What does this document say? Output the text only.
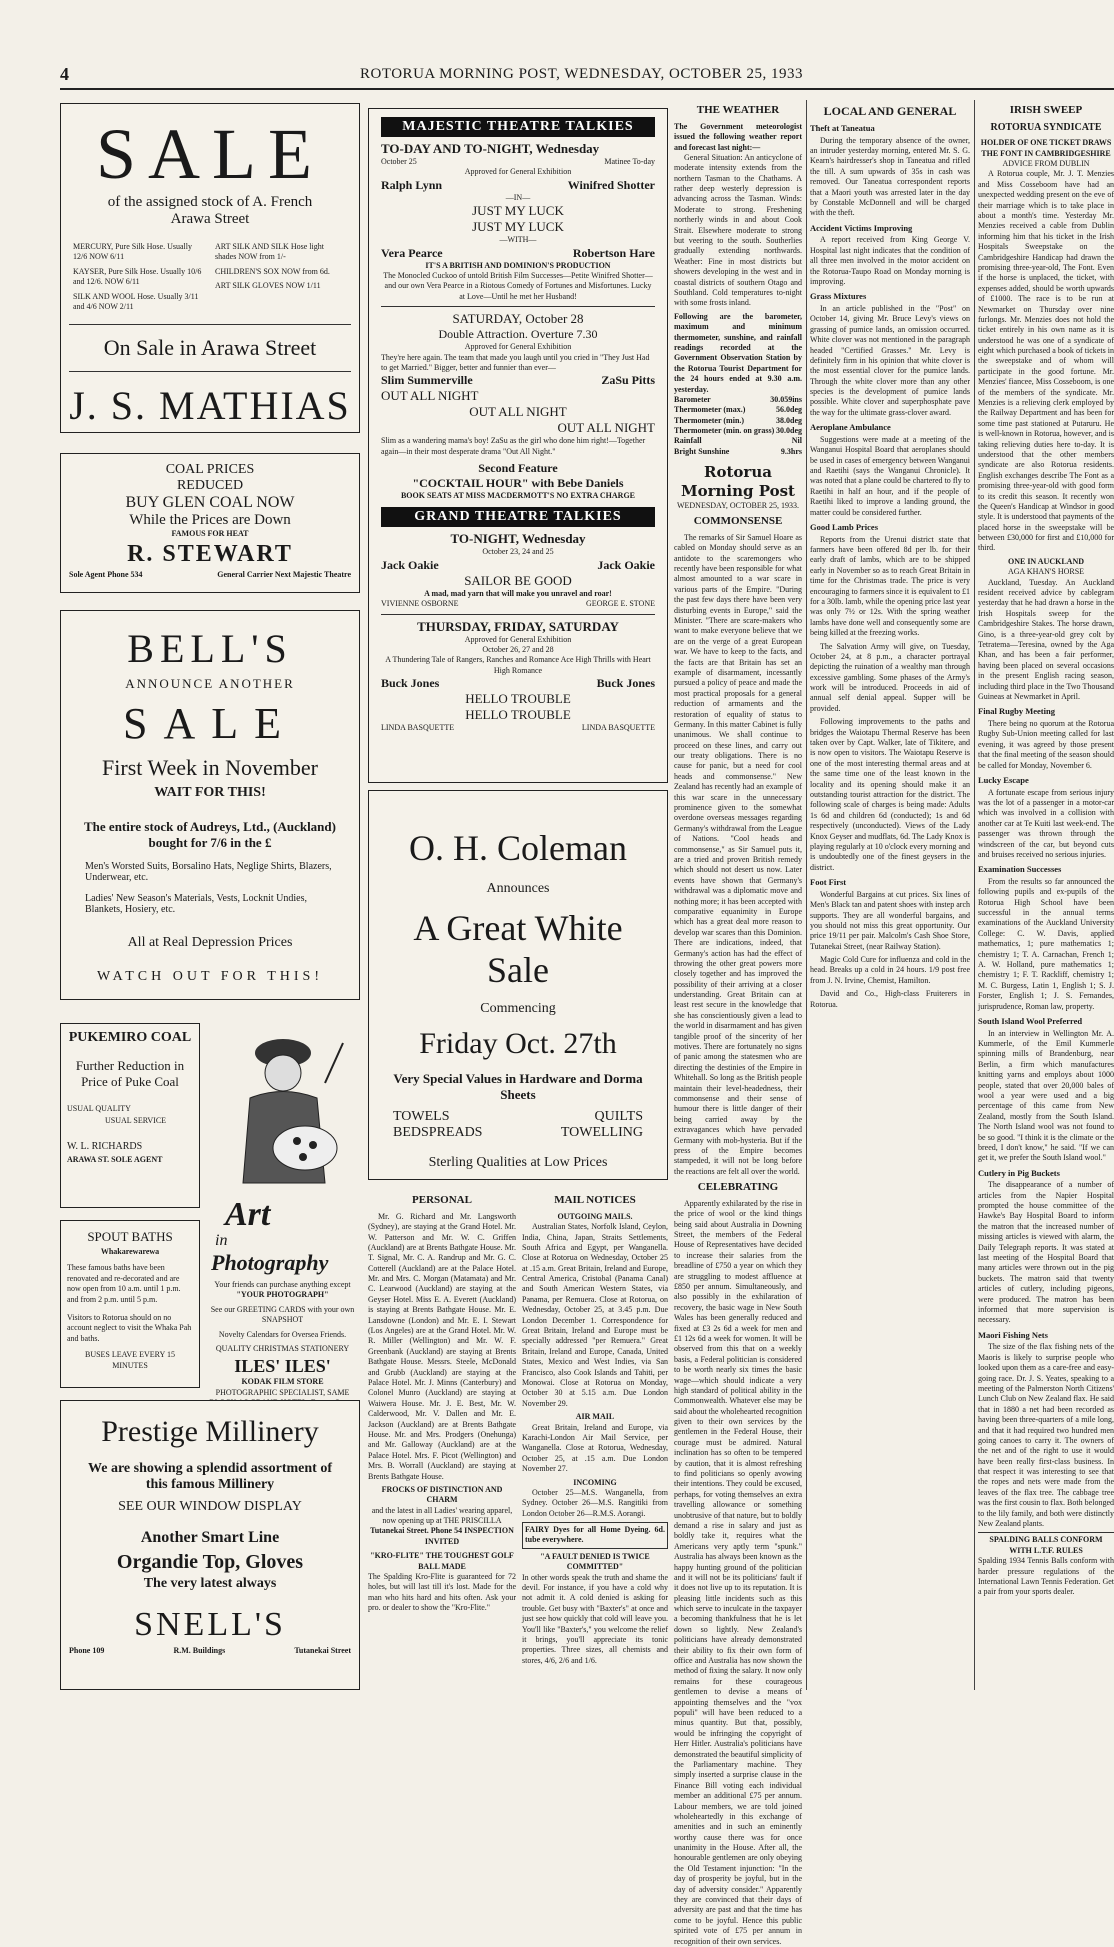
4	ROTORUA MORNING POST, WEDNESDAY, OCTOBER 25, 1933
SALE
of the assigned stock of A. French
Arawa Street
MERCURY, Pure Silk Hose. Usually 12/6 NOW 6/11
KAYSER, Pure Silk Hose. Usually 10/6 and 12/6. NOW 6/11
SILK AND WOOL Hose. Usually 3/11 and 4/6 NOW 2/11
ART SILK AND SILK Hose light shades NOW from 1/-
CHILDREN'S SOX NOW from 6d.
ART SILK GLOVES NOW 1/11
On Sale in Arawa Street
J. S. MATHIAS
COAL PRICES
REDUCED
BUY GLEN COAL NOW
While the Prices are Down
FAMOUS FOR HEAT
R. STEWART
Sole Agent Phone 534	General Carrier Next Majestic Theatre
BELL'S
ANNOUNCE ANOTHER
SALE
First Week in November
WAIT FOR THIS!
The entire stock of Audreys, Ltd., (Auckland) bought for 7/6 in the £
Men's Worsted Suits, Borsalino Hats, Neglige Shirts, Blazers, Underwear, etc.
Ladies' New Season's Materials, Vests, Locknit Undies, Blankets, Hosiery, etc.
All at Real Depression Prices
WATCH OUT FOR THIS!
PUKEMIRO COAL
Further Reduction in Price of Puke Coal
USUAL QUALITY
USUAL SERVICE
W. L. RICHARDS
ARAWA ST. SOLE AGENT
SPOUT BATHS
Whakarewarewa
These famous baths have been renovated and re-decorated and are now open from 10 a.m. until 1 p.m. and from 2 p.m. until 5 p.m.
Visitors to Rotorua should on no account neglect to visit the Whaka Pah and baths.
BUSES LEAVE EVERY 15 MINUTES
Art
in
Photography
Your friends can purchase anything except
"YOUR PHOTOGRAPH"
See our GREETING CARDS with your own SNAPSHOT
Novelty Calendars for Oversea Friends.
QUALITY CHRISTMAS STATIONERY
ILES' ILES'
KODAK FILM STORE
PHOTOGRAPHIC SPECIALIST, SAME
Prestige Millinery
We are showing a splendid assortment of this famous Millinery
SEE OUR WINDOW DISPLAY
Another Smart Line
Organdie Top, Gloves
The very latest always
SNELL'S
Phone 109	R.M. Buildings	Tutanekai Street
MAJESTIC THEATRE TALKIES
TO-DAY AND TO-NIGHT, Wednesday
October 25	Matinee To-day
Approved for General Exhibition
Ralph Lynn	Winifred Shotter
—IN—
JUST MY LUCK
JUST MY LUCK
—WITH—
Vera Pearce	Robertson Hare
IT'S A BRITISH AND DOMINION'S PRODUCTION
The Monocled Cuckoo of untold British Film Successes—Petite Winifred Shotter—and our own Vera Pearce in a Riotous Comedy of Fortunes and Misfortunes. Lucky at Love—Until he met her Husband!
SATURDAY, October 28
Double Attraction. Overture 7.30
Approved for General Exhibition
They're here again. The team that made you laugh until you cried in "They Just Had to get Married." Bigger, better and funnier than ever—
Slim Summerville	ZaSu Pitts
OUT ALL NIGHT
OUT ALL NIGHT
OUT ALL NIGHT
Slim as a wandering mama's boy! ZaSu as the girl who done him right!—Together again—in their most desperate drama "Out All Night."
Second Feature
"COCKTAIL HOUR" with Bebe Daniels
BOOK SEATS AT MISS MACDERMOTT'S NO EXTRA CHARGE
GRAND THEATRE TALKIES
TO-NIGHT, Wednesday
October 23, 24 and 25
Jack Oakie	Jack Oakie
SAILOR BE GOOD
A mad, mad yarn that will make you unravel and roar!
VIVIENNE OSBORNE	GEORGE E. STONE
THURSDAY, FRIDAY, SATURDAY
Approved for General Exhibition
October 26, 27 and 28
A Thundering Tale of Rangers, Ranches and Romance Ace High Thrills with Heart High Romance
Buck Jones	Buck Jones
HELLO TROUBLE
HELLO TROUBLE
LINDA BASQUETTE	LINDA BASQUETTE
O. H. Coleman
Announces
A Great White
Sale
Commencing
Friday Oct. 27th
Very Special Values in Hardware and Dorma Sheets
TOWELS	QUILTS
BEDSPREADS	TOWELLING
Sterling Qualities at Low Prices
PERSONAL

Mr. G. Richard and Mr. Langsworth (Sydney), are staying at the Grand Hotel. Mr. W. Patterson and Mr. W. C. Griffen (Auckland) are at Brents Bathgate House. Mr. T. Signal, Mr. C. A. Randrup and Mr. G. C. Cotterell (Auckland) are at the Palace Hotel. Mr. and Mrs. C. Morgan (Matamata) and Mr. C. Learwood (Auckland) are staying at the Geyser Hotel. Miss E. A. Everett (Auckland) is staying at Brents Bathgate House. Mr. E. Lansdowne (London) and Mr. E. I. Stewart (Los Angeles) are at the Grand Hotel. Mr. W. R. Miller (Wellington) and Mr. W. F. Greenbank (Auckland) are staying at Brents Bathgate House. Messrs. Steele, McDonald and Grubb (Auckland) are staying at the Palace Hotel. Mr. J. Minns (Canterbury) and Colonel Munro (Auckland) are staying at Waiwera House. Mr. J. E. Best, Mr. W. Calderwood, Mr. V. Dallen and Mr. E. Jackson (Auckland) are at Brents Bathgate House. Mr. and Mrs. Prodgers (Onehunga) and Mr. Galloway (Auckland) are at the Palace Hotel. Mrs. F. Picot (Wellington) and Mrs. B. Worrall (Auckland) are staying at Brents Bathgate House.

FROCKS OF DISTINCTION AND CHARM
and the latest in all Ladies' wearing apparel, now opening up at THE PRISCILLA
Tutanekai Street. Phone 54 INSPECTION INVITED
"KRO-FLITE" THE TOUGHEST GOLF BALL MADE
The Spalding Kro-Flite is guaranteed for 72 holes, but will last till it's lost. Made for the man who hits hard and hits often. Ask your pro. or dealer to show the "Kro-Flite."
MAIL NOTICES
OUTGOING MAILS.

Australian States, Norfolk Island, Ceylon, India, China, Japan, Straits Settlements, South Africa and Egypt, per Wanganella. Close at Rotorua on Wednesday, October 25 at .15 a.m. Great Britain, Ireland and Europe, Central America, Cristobal (Panama Canal) and South American Western States, via Panama, per Remuera. Close at Rotorua, on Wednesday, October 25, at 3.45 p.m. Due London December 1. Correspondence for Great Britain, Ireland and Europe must be specially addressed "per Remuera." Great Britain, Ireland and Europe, Canada, United States, Mexico and West Indies, via San Francisco, also Cook Islands and Tahiti, per Monowai. Close at Rotorua on Monday, October 30 at 5.15 a.m. Due London November 29.

AIR MAIL

Great Britain, Ireland and Europe, via Karachi-London Air Mail Service, per Wanganella. Close at Rotorua, Wednesday, October 25, at .15 a.m. Due London November 27.

INCOMING

October 25—M.S. Wanganella, from Sydney. October 26—M.S. Rangitiki from London October 26—R.M.S. Aorangi.

FAIRY Dyes for all Home Dyeing. 6d. tube everywhere.
"A FAULT DENIED IS TWICE COMMITTED"
In other words speak the truth and shame the devil. For instance, if you have a cold why not admit it. A cold denied is asking for trouble. Get busy with "Baxter's" at once and just see how quickly that cold will leave you. You'll like "Baxter's," you welcome the relief it brings, you'll appreciate its tonic properties. Three sizes, all chemists and stores, 4/6, 2/6 and 1/6.
THE WEATHER
The Government meteorologist issued the following weather report and forecast last night:—

General Situation: An anticyclone of moderate intensity extends from the northern Tasman to the Chathams. A rather deep westerly depression is advancing across the Tasman. Winds: Moderate to strong. Freshening northerly winds in and about Cook Strait. Elsewhere moderate to strong but veering to the south. Southerlies gradually extending northwards. Weather: Fine in most districts but showers developing in the west and in coastal districts of southern Otago and Southland. Cold temperatures to-night with some frosts inland.

Following are the barometer, maximum and minimum thermometer, sunshine, and rainfall readings recorded at the Government Observation Station by the Rotorua Tourist Department for the 24 hours ended at 9.30 a.m. yesterday.
Barometer	30.059ins
Thermometer (max.)	56.0deg
Thermometer (min.)	38.0deg
Thermometer (min. on grass) 30.0deg
Rainfall	Nil
Bright Sunshine	9.3hrs
Rotorua Morning Post
WEDNESDAY, OCTOBER 25, 1933.
COMMONSENSE

The remarks of Sir Samuel Hoare as cabled on Monday should serve as an antidote to the scaremongers who recently have been responsible for what almost amounted to a war scare in various parts of the Empire. "During the past few days there have been very disturbing events in Europe," said the Minister. "There are scare-makers who want to make everyone believe that we are on the verge of a great European war. We have to keep to the facts, and the facts are that Britain has set an example of disarmament, incessantly pursued a policy of peace and made the most practical proposals for a general reduction of armaments and the restoration of equality of status to Germany. In this matter Cabinet is fully unanimous. We shall continue to proceed on these lines, and carry out our treaty obligations. There is no cause for panic, but a need for cool heads and commonsense." New Zealand has recently had an example of this war scare in the unnecessary prominence given to the somewhat overdone overseas messages regarding Germany's withdrawal from the League of Nations. "Cool heads and commonsense," as Sir Samuel puts it, are a tried and proven British remedy which should not desert us now. Later events have shown that Germany's withdrawal was a diplomatic move and nothing more; it has been accepted with comparative equanimity in Europe which has a great deal more reason to develop war scares than this Dominion. There are indications, indeed, that Germany's action has had the effect of throwing the other great powers more closely together and has improved the possibility of their arriving at a closer understanding. Great Britain can at least rest secure in the knowledge that she has conscientiously given a lead to the world in disarmament and has given tangible proof of the sincerity of her motives. There are fortunately no signs of panic among the statesmen who are directing the destinies of the Empire in Whitehall. So long as the British people maintain their level-headedness, their commonsense and their sense of humour there is little danger of their being carried away by the extravagances which have pervaded Germany with mob-hysteria. But if the press of the Empire becomes stampeded, it will not be long before the reactions are felt all over the world.

CELEBRATING

Apparently exhilarated by the rise in the price of wool or the kind things being said about Australia in Downing Street, the members of the Federal House of Representatives have decided to increase their salaries from the breadline of £750 a year on which they are struggling to modest affluence at £850 per annum. Simultaneously, and also possibly in the exhilaration of recovery, the basic wage in New South Wales has been generally reduced and fixed at £3 2s 6d a week for men and £1 12s 6d a week for women. It will be observed from this that on a weekly basis, a Federal politician is considered to be worth nearly six times the basic wage—which should indicate a very high standard of political ability in the Commonwealth. Whatever else may be said about the wholehearted recognition given to their own services by the gentlemen in the Federal House, their courage must be admired. Natural inclination has so often to be tempered by caution, that it is almost refreshing to find politicians so openly avowing their intentions. They could be excused, perhaps, for voting themselves an extra travelling allowance or something unobtrusive of that nature, but to boldly demand a rise in salary and just as boldly take it, requires what the Americans very aptly term "spunk." Australia has always been known as the happy hunting ground of the politician and it will not be its politicians' fault if it does not live up to its reputation. It is pleasing little incidents such as this which serve to inculcate in the taxpayer a becoming thankfulness that he is let down so lightly. New Zealand's politicians have already demonstrated their ability to fix their own form of office and Australia has now shown the method of fixing the salary. It now only remains for these courageous gentlemen to devise a means of appointing themselves and the "vox populi" will have been reduced to a minus quantity. But that, possibly, would be infringing the copyright of Herr Hitler. Australia's politicians have demonstrated the beautiful simplicity of the Parliamentary machine. They simply inserted a surprise clause in the Finance Bill voting each individual member an additional £75 per annum. Labour members, we are told joined wholeheartedly in this exchange of amenities and in such an eminently worthy cause there was for once unanimity in the House. After all, the honourable gentlemen are only obeying the Old Testament injunction: "In the day of prosperity be joyful, but in the day of adversity consider." Apparently they are convinced that their days of adversity are past and that the time has come to be joyful. Hence this public spirited vote of £75 per annum in recognition of their own services.

LOCAL AND GENERAL
Theft at Taneatua

During the temporary absence of the owner, an intruder yesterday morning, entered Mr. S. G. Kearn's hairdresser's shop in Taneatua and rifled the till. A sum upwards of 35s in cash was removed. Our Taneatua correspondent reports that a Maori youth was arrested later in the day by Constable McDonnell and will be charged with the theft.

Accident Victims Improving

A report received from King George V. Hospital last night indicates that the condition of all three men involved in the motor accident on the Rotorua-Taupo Road on Monday morning is improving.

Grass Mixtures

In an article published in the "Post" on October 14, giving Mr. Bruce Levy's views on grassing of pumice lands, an omission occurred. White clover was not mentioned in the paragraph headed "Certified Grasses." Mr. Levy is definitely firm in his opinion that white clover is the most essential clover for the pumice lands. Through the white clover more than any other species is the development of pumice lands possible. White clover and superphosphate pave the way for the ultimate grass-clover award.

Aeroplane Ambulance

Suggestions were made at a meeting of the Wanganui Hospital Board that aeroplanes should be used in cases of emergency between Wanganui and Raetihi (says the Wanganui Chronicle). It was noted that a plane could be chartered to fly to Raetihi in half an hour, and if the people of Raetihi liked to improve a landing ground, the matter could be considered further.

Good Lamb Prices

Reports from the Urenui district state that farmers have been offered 8d per lb. for their early draft of lambs, which are to be shipped early in November so as to reach Great Britain in time for the Christmas trade. The price is very encouraging to farmers since it is equivalent to £1 for a 30lb. lamb, while the opening price last year was only 7½ or 12s. With the spring weather lambs have done well and consequently some are being killed at the freezing works.

The Salvation Army will give, on Tuesday, October 24, at 8 p.m., a character portrayal depicting the ruination of a wealthy man through excessive gambling. Some phases of the Army's work will be introduced. Proceeds in aid of annual self denial appeal. Supper will be provided.

Following improvements to the paths and bridges the Waiotapu Thermal Reserve has been taken over by Capt. Walker, late of Tikitere, and is now open to visitors. The Waiotapu Reserve is one of the most interesting thermal areas and at the same time one of the least known in the locality and its opening should make it an outstanding tourist attraction for the district. The following scale of charges is being made: Adults 1s 6d and children 6d (conducted); 1s and 6d respectively (unconducted). Views of the Lady Knox Geyser and mudflats, 6d. The Lady Knox is playing regularly at 10 o'clock every morning and is undoubtedly one of the finest geysers in the district.

Foot First

Wonderful Bargains at cut prices. Six lines of Men's Black tan and patent shoes with instep arch supports. They are all wonderful bargains, and you should not miss this great opportunity. Our price 19/11 per pair. Malcolm's Cash Shoe Store, Tutanekai Street, (near Railway Station).

Magic Cold Cure for influenza and cold in the head. Breaks up a cold in 24 hours. 1/9 post free from J. N. Irvine, Chemist, Hamilton.

David and Co., High-class Fruiterers in Rotorua.

IRISH SWEEP
ROTORUA SYNDICATE
HOLDER OF ONE TICKET DRAWS THE FONT IN CAMBRIDGESHIRE
ADVICE FROM DUBLIN

A Rotorua couple, Mr. J. T. Menzies and Miss Cosseboom have had an unexpected wedding present on the eve of their marriage which is to take place in about a month's time. Yesterday Mr. Menzies received a cable from Dublin informing him that his ticket in the Irish Hospitals Sweepstake on the Cambridgeshire Handicap had drawn the promising three-year-old, The Font. Even if the horse is unplaced, the ticket, with expenses added, should be worth upwards of £1000. The race is to be run at Newmarket on Thursday over nine furlongs. Mr. Menzies does not hold the ticket entirely in his own name as it is understood he was one of a syndicate of eight which purchased a book of tickets in the sweepstake and of whom will participate in the good fortune. Mr. Menzies' fiancee, Miss Cosseboom, is one of the members of the syndicate. Mr. Menzies is a relieving clerk employed by the Railway Department and has been for some time past stationed at Putaruru. He is well-known in Rotorua, however, and is taking relieving duties here to-day. It is understood that the other members syndicate are also Rotorua residents. English exchanges describe The Font as a promising three-year-old with good form to its credit this season. It recently won the Queen's Handicap at Windsor in good style. It is understood that payments of the placed horse in the sweepstake will be between £30,000 for first and £10,000 for third.

ONE IN AUCKLAND
AGA KHAN'S HORSE

Auckland, Tuesday. An Auckland resident received advice by cablegram yesterday that he had drawn a horse in the Irish Hospitals sweep for the Cambridgeshire Stakes. The horse drawn, Gino, is a three-year-old grey colt by Tetratema—Teresina, owned by the Aga Khan, and has been a fair performer, having been placed on several occasions in the present English racing season, including third place in the Two Thousand Guineas at Newmarket in April.

Final Rugby Meeting

There being no quorum at the Rotorua Rugby Sub-Union meeting called for last evening, it was agreed by those present that the final meeting of the season should be called for Monday, November 6.

Lucky Escape

A fortunate escape from serious injury was the lot of a passenger in a motor-car which was involved in a collision with another car at Te Kuiti last week-end. The passenger was thrown through the windscreen of the car, but beyond cuts and bruises received no serious injuries.

Examination Successes

From the results so far announced the following pupils and ex-pupils of the Rotorua High School have been successful in the annual terms examinations of the Auckland University College: C. W. Davis, applied mathematics, 1; pure mathematics 1; chemistry 1; T. A. Carnachan, French 1; A. W. Holland, pure mathematics 1; chemistry 1; F. T. Rackliff, chemistry 1; M. C. Burgess, Latin 1, English 1; S. J. Forster, English 1; J. S. Fernandes, jurisprudence, Roman law, property.

South Island Wool Preferred

In an interview in Wellington Mr. A. Kummerle, of the Emil Kummerle spinning mills of Brandenburg, near Berlin, a firm which manufactures knitting yarns and employs about 1000 people, stated that over 20,000 bales of wool a year were used and a big percentage of this came from New Zealand, mostly from the South Island. The North Island wool was not found to be so good. "I think it is the climate or the breed, I don't know," he said. "If we can get it, we prefer the South Island wool."

Cutlery in Pig Buckets

The disappearance of a number of articles from the Napier Hospital prompted the house committee of the Hawke's Bay Hospital Board to inform the matron that the increased number of missing articles is viewed with alarm, the Daily Telegraph reports. It was stated at last meeting of the Hospital Board that many articles were thrown out in the pig buckets. The matron said that twenty articles of cutlery, including pigeons, were produced. The matron has been informed that more supervision is necessary.

Maori Fishing Nets

The size of the flax fishing nets of the Maoris is likely to surprise people who looked upon them as a care-free and easy-going race. Dr. J. S. Yeates, speaking to a meeting of the Palmerston North Citizens' Lunch Club on New Zealand flax. He said that in 1880 a net had been recorded as having been three-quarters of a mile long, and that it had required two hundred men going canoes to carry it. The owners of the net and of the right to use it would have been really first-class business. In that respect it was interesting to see that the ropes and nets were made from the leaves of the flax tree. The cabbage tree was the first cousin to flax. Both belonged to the lily family, and both were distinctly New Zealand plants.

SPALDING BALLS CONFORM WITH L.T.F. RULES
Spalding 1934 Tennis Balls conform with harder pressure regulations of the International Lawn Tennis Federation. Get a pair from your sports dealer.
